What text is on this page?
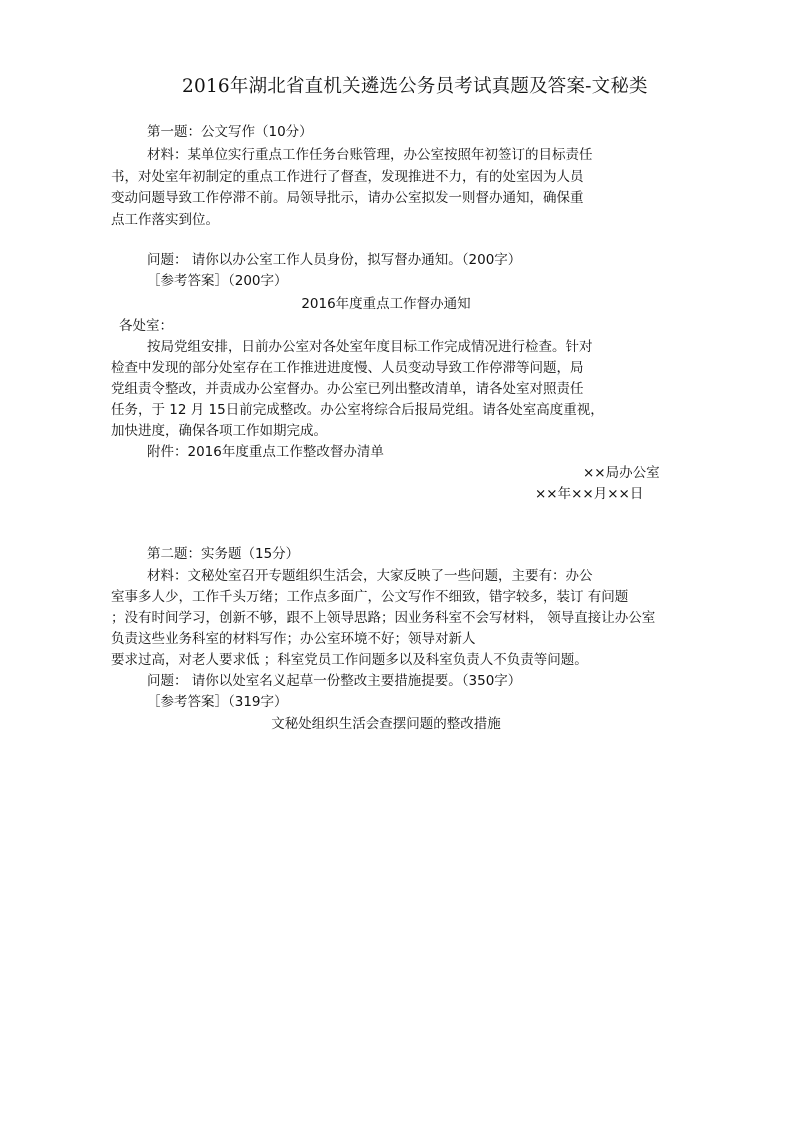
2016年湖北省直机关遴选公务员考试真题及答案-文秘类
第一题：公文写作（10分）
材料：某单位实行重点工作任务台账管理，办公室按照年初签订的目标责任
书，对处室年初制定的重点工作进行了督查，发现推进不力，有的处室因为人员
变动问题导致工作停滞不前。局领导批示，请办公室拟发一则督办通知，确保重
点工作落实到位。
问题： 请你以办公室工作人员身份，拟写督办通知。（200字）
［参考答案］（200字）
2016年度重点工作督办通知
各处室：
按局党组安排，日前办公室对各处室年度目标工作完成情况进行检查。针对
检查中发现的部分处室存在工作推进进度慢、人员变动导致工作停滞等问题，局
党组责令整改，并责成办公室督办。办公室已列出整改清单，请各处室对照责任
任务，于 12 月 15日前完成整改。办公室将综合后报局党组。请各处室高度重视，
加快进度，确保各项工作如期完成。
附件：2016年度重点工作整改督办清单
××局办公室
××年××月××日
第二题：实务题（15分）
材料：文秘处室召开专题组织生活会，大家反映了一些问题，主要有：办公
室事多人少，工作千头万绪；工作点多面广，公文写作不细致，错字较多，装订 有问题
；没有时间学习，创新不够，跟不上领导思路；因业务科室不会写材料， 领导直接让办公室
负责这些业务科室的材料写作；办公室环境不好；领导对新人
要求过高，对老人要求低 ；科室党员工作问题多以及科室负责人不负责等问题。
问题： 请你以处室名义起草一份整改主要措施提要。（350字）
［参考答案］（319字）
文秘处组织生活会查摆问题的整改措施
